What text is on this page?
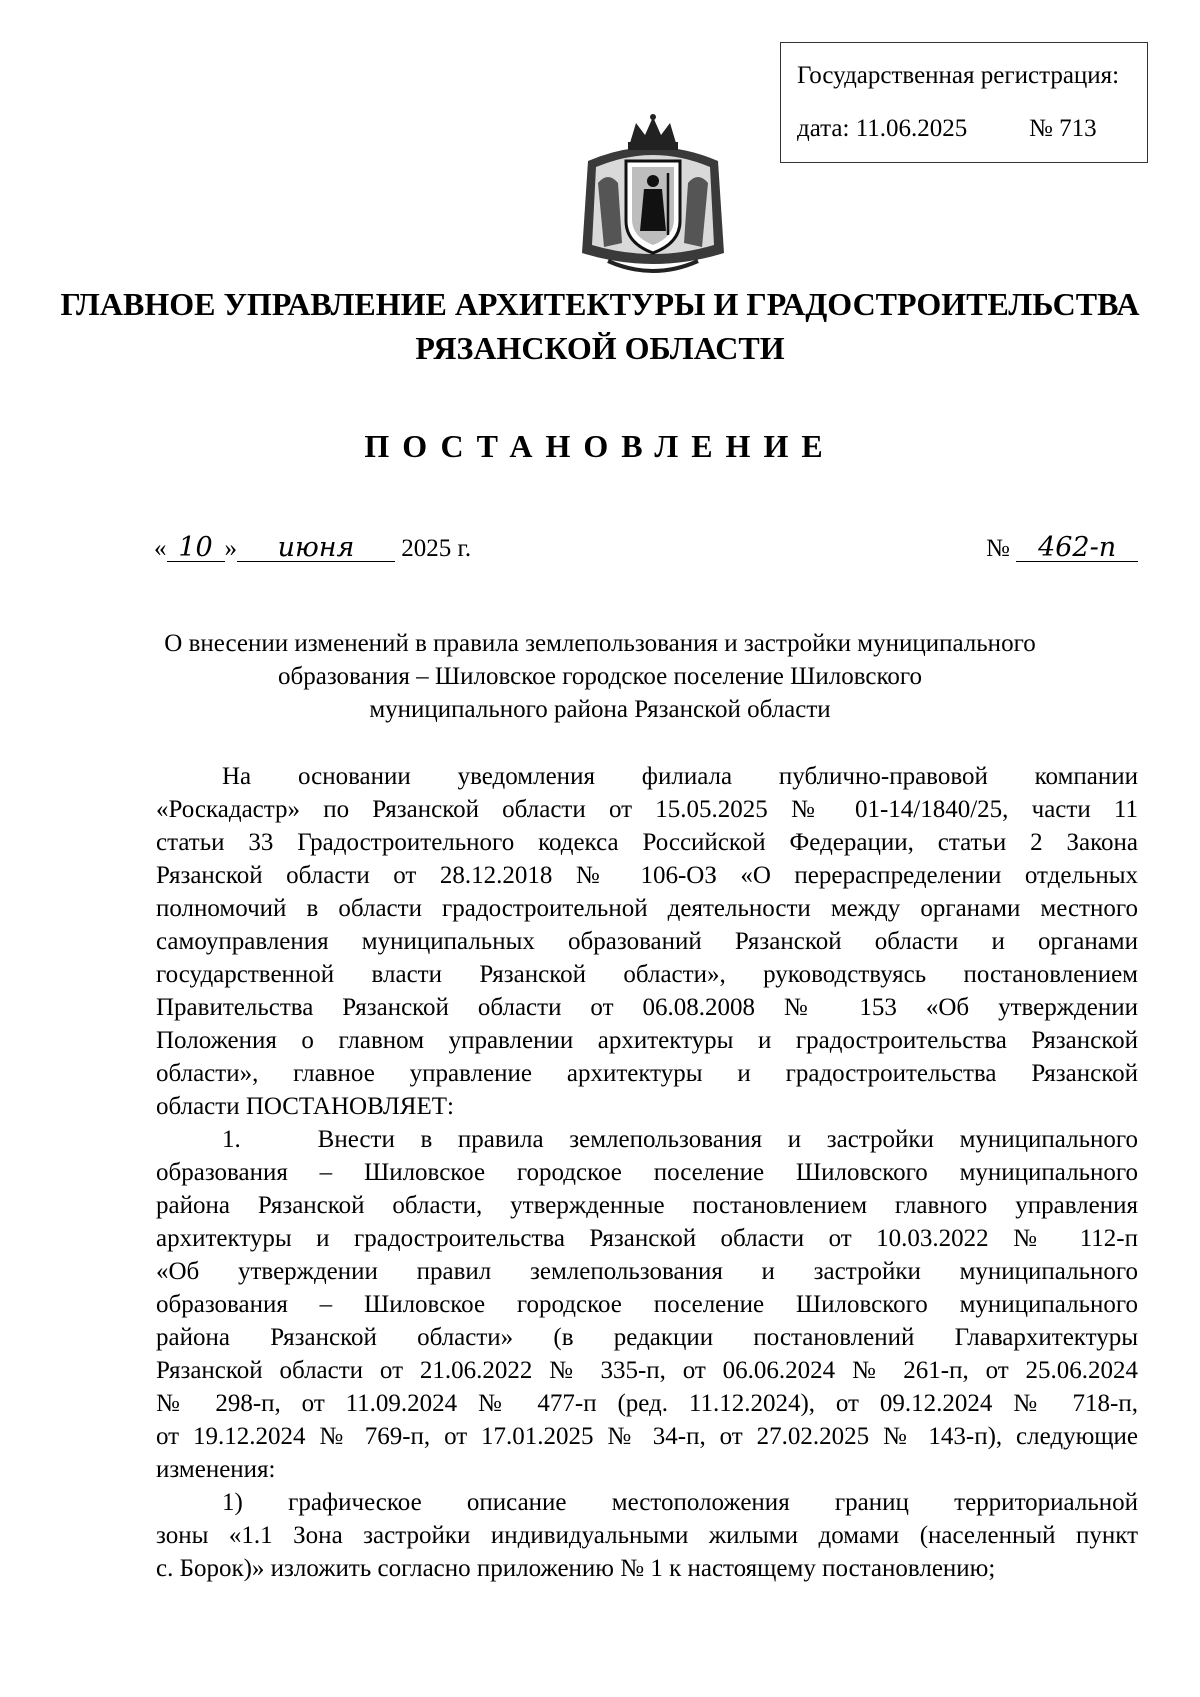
Государственная регистрация:
дата: 11.06.2025 № 713
ГЛАВНОЕ УПРАВЛЕНИЕ АРХИТЕКТУРЫ И ГРАДОСТРОИТЕЛЬСТВА
РЯЗАНСКОЙ ОБЛАСТИ
ПОСТАНОВЛЕНИЕ
« 10 » июня 2025 г.	№ 462-п
О внесении изменений в правила землепользования и застройки муниципального
образования – Шиловское городское поселение Шиловского
муниципального района Рязанской области
На основании уведомления филиала публично-правовой компании
«Роскадастр» по Рязанской области от 15.05.2025 № 01-14/1840/25, части 11
статьи 33 Градостроительного кодекса Российской Федерации, статьи 2 Закона
Рязанской области от 28.12.2018 № 106-ОЗ «О перераспределении отдельных
полномочий в области градостроительной деятельности между органами местного
самоуправления муниципальных образований Рязанской области и органами
государственной власти Рязанской области», руководствуясь постановлением
Правительства Рязанской области от 06.08.2008 № 153 «Об утверждении
Положения о главном управлении архитектуры и градостроительства Рязанской
области», главное управление архитектуры и градостроительства Рязанской
области ПОСТАНОВЛЯЕТ:
1.   Внести в правила землепользования и застройки муниципального
образования – Шиловское городское поселение Шиловского муниципального
района Рязанской области, утвержденные постановлением главного управления
архитектуры и градостроительства Рязанской области от 10.03.2022 № 112-п
«Об утверждении правил землепользования и застройки муниципального
образования – Шиловское городское поселение Шиловского муниципального
района Рязанской области» (в редакции постановлений Главархитектуры
Рязанской области от 21.06.2022 № 335-п, от 06.06.2024 № 261-п, от 25.06.2024
№ 298-п, от 11.09.2024 № 477-п (ред. 11.12.2024), от 09.12.2024 № 718-п,
от 19.12.2024 № 769-п, от 17.01.2025 № 34-п, от 27.02.2025 № 143-п), следующие
изменения:
1) графическое описание местоположения границ территориальной
зоны «1.1 Зона застройки индивидуальными жилыми домами (населенный пункт
с. Борок)» изложить согласно приложению № 1 к настоящему постановлению;
